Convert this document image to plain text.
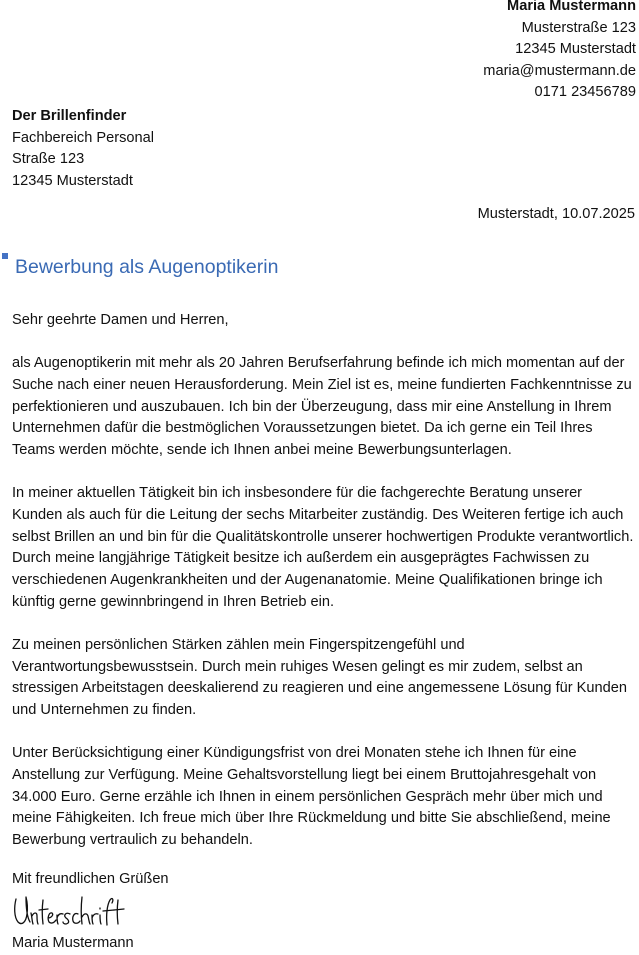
Maria Mustermann
Musterstraße 123
12345 Musterstadt
maria@mustermann.de
0171 23456789
Der Brillenfinder
Fachbereich Personal
Straße 123
12345 Musterstadt
Musterstadt, 10.07.2025
Bewerbung als Augenoptikerin

Sehr geehrte Damen und Herren,

als Augenoptikerin mit mehr als 20 Jahren Berufserfahrung befinde ich mich momentan auf der Suche nach einer neuen Herausforderung. Mein Ziel ist es, meine fundierten Fachkenntnisse zu perfektionieren und auszubauen. Ich bin der Überzeugung, dass mir eine Anstellung in Ihrem Unternehmen dafür die bestmöglichen Voraussetzungen bietet. Da ich gerne ein Teil Ihres Teams werden möchte, sende ich Ihnen anbei meine Bewerbungsunterlagen.

In meiner aktuellen Tätigkeit bin ich insbesondere für die fachgerechte Beratung unserer Kunden als auch für die Leitung der sechs Mitarbeiter zuständig. Des Weiteren fertige ich auch selbst Brillen an und bin für die Qualitätskontrolle unserer hochwertigen Produkte verantwortlich. Durch meine langjährige Tätigkeit besitze ich außerdem ein ausgeprägtes Fachwissen zu verschiedenen Augenkrankheiten und der Augenanatomie. Meine Qualifikationen bringe ich künftig gerne gewinnbringend in Ihren Betrieb ein.

Zu meinen persönlichen Stärken zählen mein Fingerspitzengefühl und Verantwortungsbewusstsein. Durch mein ruhiges Wesen gelingt es mir zudem, selbst an stressigen Arbeitstagen deeskalierend zu reagieren und eine angemessene Lösung für Kunden und Unternehmen zu finden.

Unter Berücksichtigung einer Kündigungsfrist von drei Monaten stehe ich Ihnen für eine Anstellung zur Verfügung. Meine Gehaltsvorstellung liegt bei einem Bruttojahresgehalt von 34.000 Euro. Gerne erzähle ich Ihnen in einem persönlichen Gespräch mehr über mich und meine Fähigkeiten. Ich freue mich über Ihre Rückmeldung und bitte Sie abschließend, meine Bewerbung vertraulich zu behandeln.

Mit freundlichen Grüßen
Maria Mustermann
